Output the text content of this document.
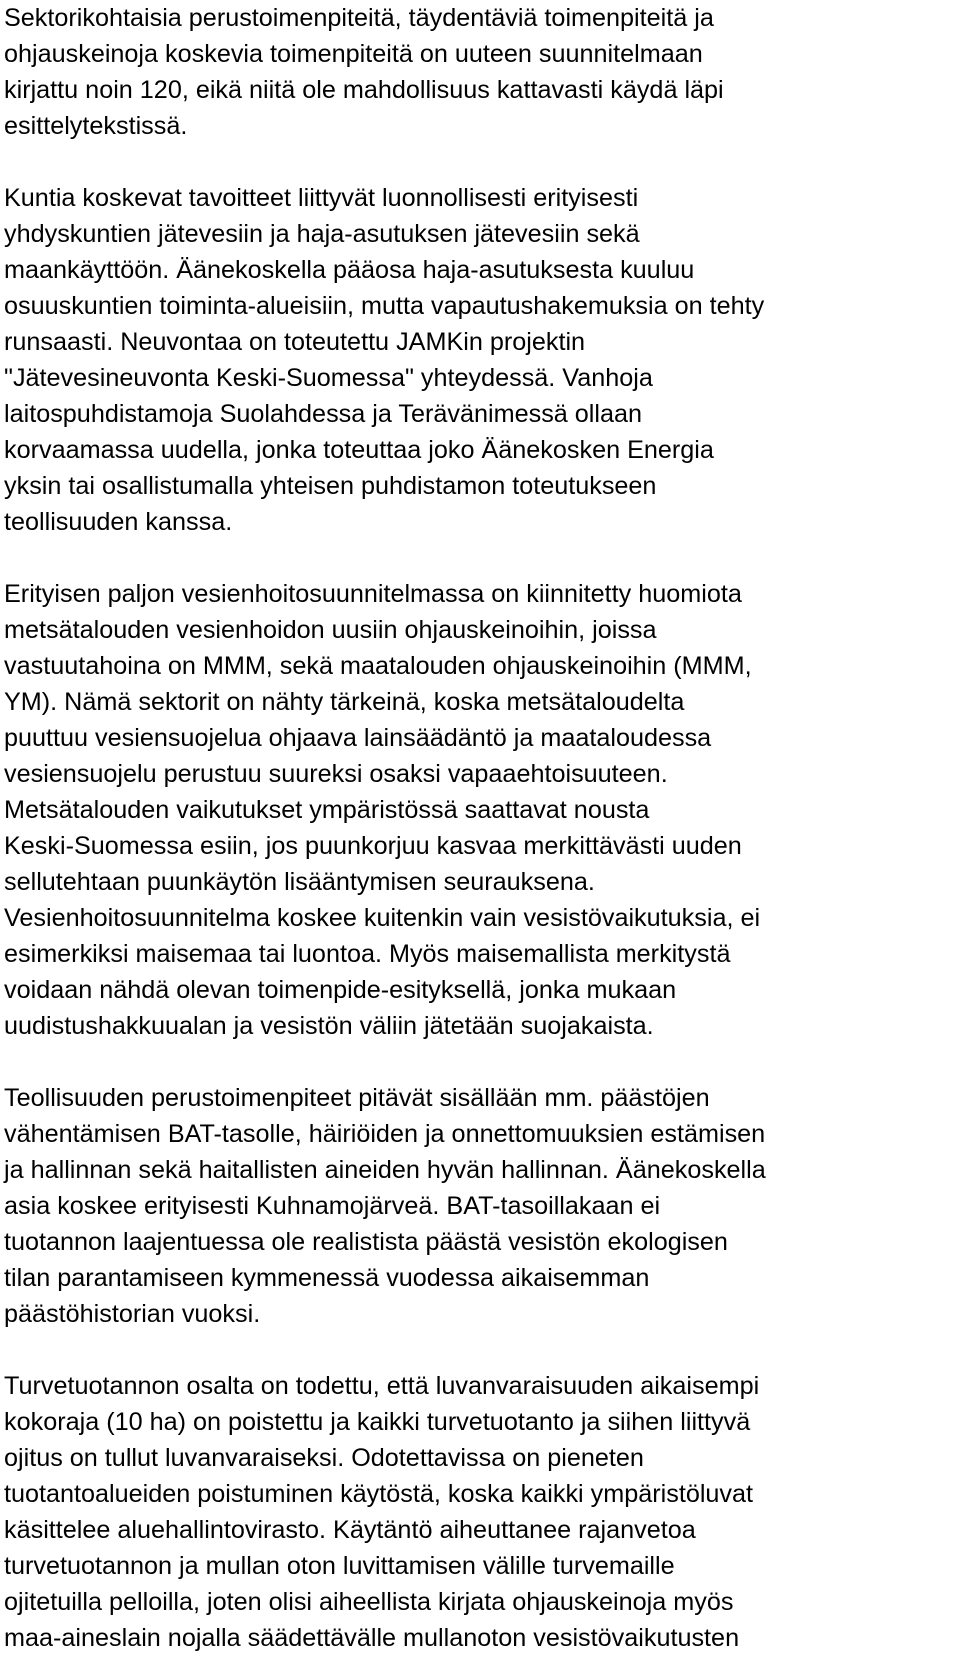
Sektorikohtaisia perustoimenpiteitä, täydentäviä toimenpiteitä ja
ohjauskeinoja koskevia toimenpiteitä on uuteen suunnitelmaan
kirjattu noin 120, eikä niitä ole mahdollisuus kattavasti käydä läpi
esittelytekstissä.
Kuntia koskevat tavoitteet liittyvät luonnollisesti erityisesti
yhdyskuntien jätevesiin ja haja-asutuksen jätevesiin sekä
maankäyttöön. Äänekoskella pääosa haja-asutuksesta kuuluu
osuuskuntien toiminta-alueisiin, mutta vapautushakemuksia on tehty
runsaasti. Neuvontaa on toteutettu JAMKin projektin
"Jätevesineuvonta Keski-Suomessa" yhteydessä. Vanhoja
laitospuhdistamoja Suolahdessa ja Terävänimessä ollaan
korvaamassa uudella, jonka toteuttaa joko Äänekosken Energia
yksin tai osallistumalla yhteisen puhdistamon toteutukseen
teollisuuden kanssa.
Erityisen paljon vesienhoitosuunnitelmassa on kiinnitetty huomiota
metsätalouden vesienhoidon uusiin ohjauskeinoihin, joissa
vastuutahoina on MMM, sekä maatalouden ohjauskeinoihin (MMM,
YM). Nämä sektorit on nähty tärkeinä, koska metsätaloudelta
puuttuu vesiensuojelua ohjaava lainsäädäntö ja maataloudessa
vesiensuojelu perustuu suureksi osaksi vapaaehtoisuuteen.
Metsätalouden vaikutukset ympäristössä saattavat nousta
Keski-Suomessa esiin, jos puunkorjuu kasvaa merkittävästi uuden
sellutehtaan puunkäytön lisääntymisen seurauksena.
Vesienhoitosuunnitelma koskee kuitenkin vain vesistövaikutuksia, ei
esimerkiksi maisemaa tai luontoa. Myös maisemallista merkitystä
voidaan nähdä olevan toimenpide-esityksellä, jonka mukaan
uudistushakkuualan ja vesistön väliin jätetään suojakaista.
Teollisuuden perustoimenpiteet pitävät sisällään mm. päästöjen
vähentämisen BAT-tasolle, häiriöiden ja onnettomuuksien estämisen
ja hallinnan sekä haitallisten aineiden hyvän hallinnan. Äänekoskella
asia koskee erityisesti Kuhnamojärveä. BAT-tasoillakaan ei
tuotannon laajentuessa ole realistista päästä vesistön ekologisen
tilan parantamiseen kymmenessä vuodessa aikaisemman
päästöhistorian vuoksi.
Turvetuotannon osalta on todettu, että luvanvaraisuuden aikaisempi
kokoraja (10 ha) on poistettu ja kaikki turvetuotanto ja siihen liittyvä
ojitus on tullut luvanvaraiseksi. Odotettavissa on pieneten
tuotantoalueiden poistuminen käytöstä, koska kaikki ympäristöluvat
käsittelee aluehallintovirasto. Käytäntö aiheuttanee rajanvetoa
turvetuotannon ja mullan oton luvittamisen välille turvemaille
ojitetuilla pelloilla, joten olisi aiheellista kirjata ohjauskeinoja myös
maa-aineslain nojalla säädettävälle mullanoton vesistövaikutusten
